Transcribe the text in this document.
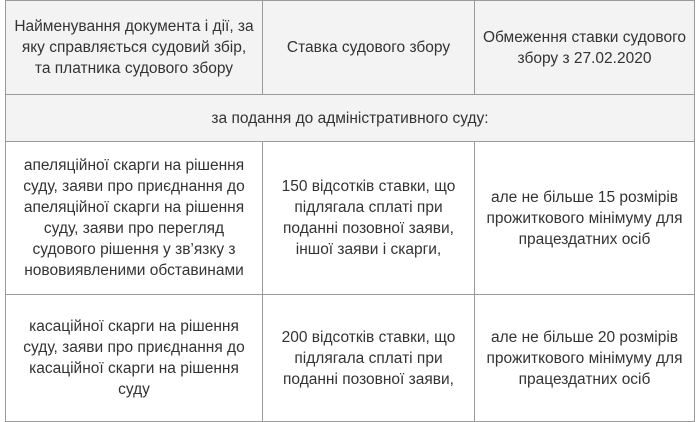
Найменування документа і дії, за яку справляється судовий збір, та платника судового збору	Ставка судового збору	Обмеження ставки судового збору з 27.02.2020
за подання до адміністративного суду:		
апеляційної скарги на рішення суду, заяви про приєднання до апеляційної скарги на рішення суду, заяви про перегляд судового рішення у зв’язку з нововиявленими обставинами	150 відсотків ставки, що підлягала сплаті при поданні позовної заяви, іншої заяви і скарги,	але не більше 15 розмірів прожиткового мінімуму для працездатних осіб
касаційної скарги на рішення суду, заяви про приєднання до касаційної скарги на рішення суду	200 відсотків ставки, що підлягала сплаті при поданні позовної заяви,	але не більше 20 розмірів прожиткового мінімуму для працездатних осіб
